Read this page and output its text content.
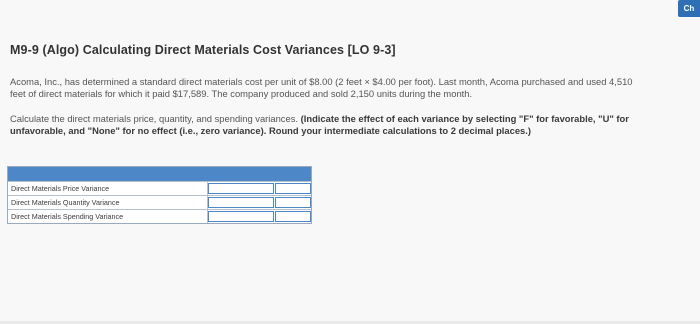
Ch
M9-9 (Algo) Calculating Direct Materials Cost Variances [LO 9-3]
Acoma, Inc., has determined a standard direct materials cost per unit of $8.00 (2 feet × $4.00 per foot). Last month, Acoma purchased and used 4,510 feet of direct materials for which it paid $17,589. The company produced and sold 2,150 units during the month.
Calculate the direct materials price, quantity, and spending variances. (Indicate the effect of each variance by selecting "F" for favorable, "U" for unfavorable, and "None" for no effect (i.e., zero variance). Round your intermediate calculations to 2 decimal places.)
Direct Materials Price Variance
Direct Materials Quantity Variance
Direct Materials Spending Variance
